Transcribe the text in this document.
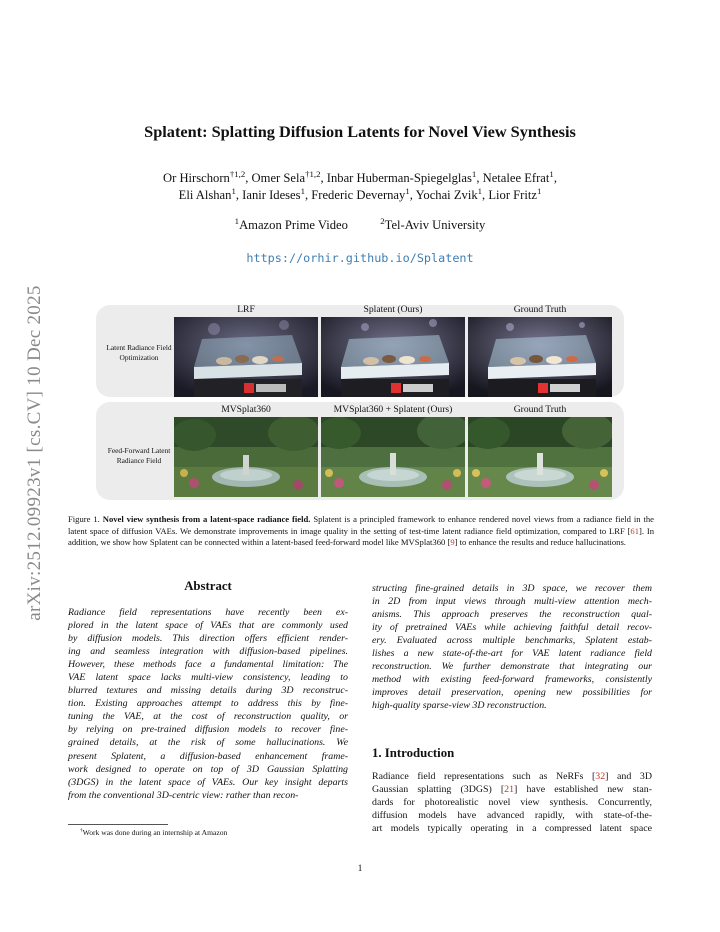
arXiv:2512.09923v1 [cs.CV] 10 Dec 2025
Splatent: Splatting Diffusion Latents for Novel View Synthesis
Or Hirschorn$^{\dagger 1,2}$, Omer Sela$^{\dagger 1,2}$, Inbar Huberman-Spiegelglas$^1$, Netalee Efrat$^1$,
Eli Alshan$^1$, Ianir Ideses$^1$, Frederic Devernay$^1$, Yochai Zvik$^1$, Lior Fritz$^1$
$^1$Amazon Prime Video	$^2$Tel-Aviv University
https://orhir.github.io/Splatent
Latent Radiance Field Optimization
LRF	Splatent (Ours)	Ground Truth
Feed-Forward Latent Radiance Field
MVSplat360	MVSplat360 + Splatent (Ours)	Ground Truth
Figure 1. Novel view synthesis from a latent-space radiance field. Splatent is a principled framework to enhance rendered novel views from a radiance field in the latent space of diffusion VAEs. We demonstrate improvements in image quality in the setting of test-time latent radiance field optimization, compared to LRF [61]. In addition, we show how Splatent can be connected within a latent-based feed-forward model like MVSplat360 [9] to enhance the results and reduce hallucinations.
Abstract
Radiance field representations have recently been ex-
plored in the latent space of VAEs that are commonly used
by diffusion models. This direction offers efficient render-
ing and seamless integration with diffusion-based pipelines.
However, these methods face a fundamental limitation: The
VAE latent space lacks multi-view consistency, leading to
blurred textures and missing details during 3D reconstruc-
tion. Existing approaches attempt to address this by fine-
tuning the VAE, at the cost of reconstruction quality, or
by relying on pre-trained diffusion models to recover fine-
grained details, at the risk of some hallucinations. We
present Splatent, a diffusion-based enhancement frame-
work designed to operate on top of 3D Gaussian Splatting
(3DGS) in the latent space of VAEs. Our key insight departs
from the conventional 3D-centric view: rather than recon-
structing fine-grained details in 3D space, we recover them
in 2D from input views through multi-view attention mech-
anisms. This approach preserves the reconstruction qual-
ity of pretrained VAEs while achieving faithful detail recov-
ery. Evaluated across multiple benchmarks, Splatent estab-
lishes a new state-of-the-art for VAE latent radiance field
reconstruction. We further demonstrate that integrating our
method with existing feed-forward frameworks, consistently
improves detail preservation, opening new possibilities for
high-quality sparse-view 3D reconstruction.
1. Introduction
Radiance field representations such as NeRFs [32] and 3D
Gaussian splatting (3DGS) [21] have established new stan-
dards for photorealistic novel view synthesis. Concurrently,
diffusion models have advanced rapidly, with state-of-the-
art models typically operating in a compressed latent space
†Work was done during an internship at Amazon
1
